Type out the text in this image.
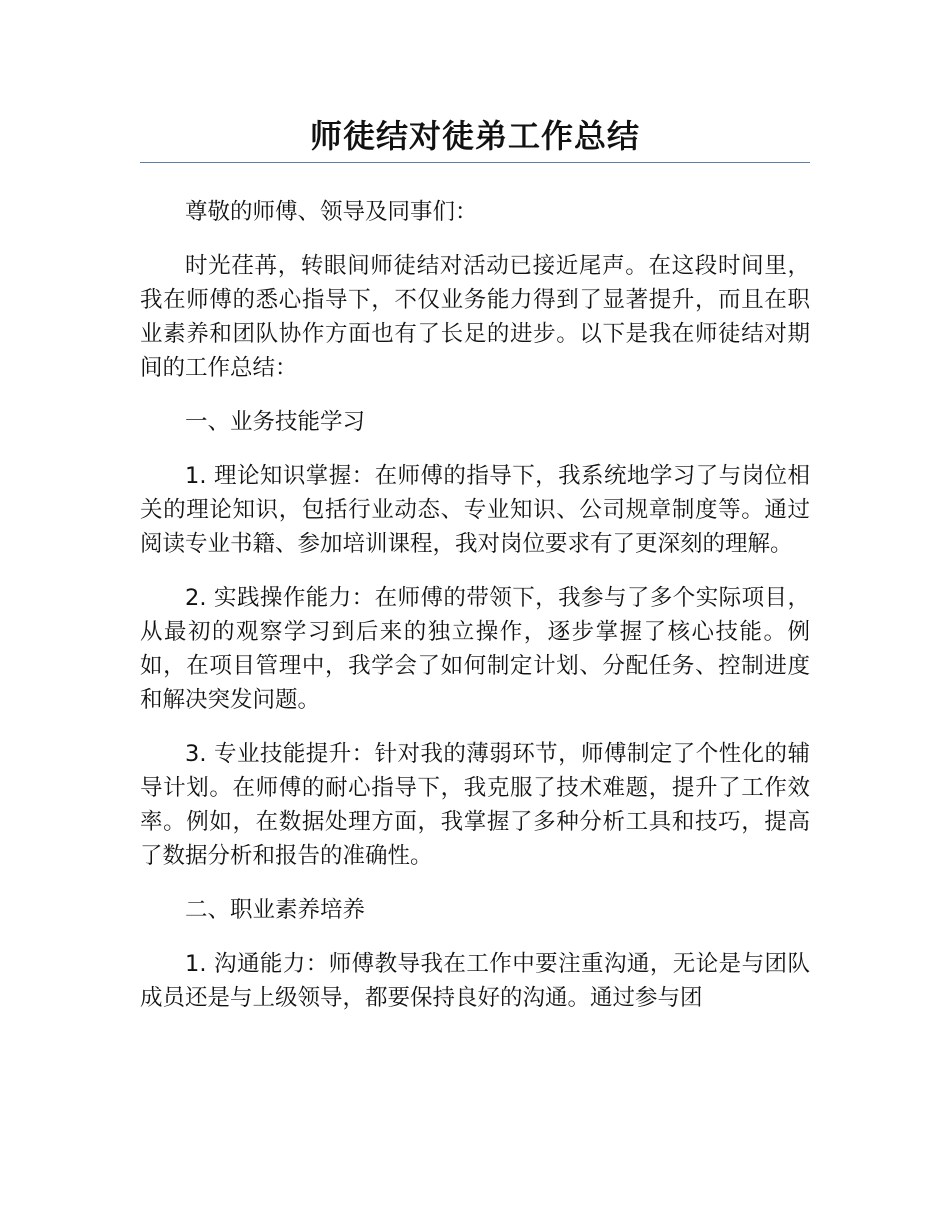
师徒结对徒弟工作总结

尊敬的师傅、领导及同事们：

时光荏苒，转眼间师徒结对活动已接近尾声。在这段时间里，我在师傅的悉心指导下，不仅业务能力得到了显著提升，而且在职业素养和团队协作方面也有了长足的进步。以下是我在师徒结对期间的工作总结：

一、业务技能学习

1. 理论知识掌握：在师傅的指导下，我系统地学习了与岗位相关的理论知识，包括行业动态、专业知识、公司规章制度等。通过阅读专业书籍、参加培训课程，我对岗位要求有了更深刻的理解。

2. 实践操作能力：在师傅的带领下，我参与了多个实际项目，从最初的观察学习到后来的独立操作，逐步掌握了核心技能。例如，在项目管理中，我学会了如何制定计划、分配任务、控制进度和解决突发问题。

3. 专业技能提升：针对我的薄弱环节，师傅制定了个性化的辅导计划。在师傅的耐心指导下，我克服了技术难题，提升了工作效率。例如，在数据处理方面，我掌握了多种分析工具和技巧，提高了数据分析和报告的准确性。

二、职业素养培养

1. 沟通能力：师傅教导我在工作中要注重沟通，无论是与团队成员还是与上级领导，都要保持良好的沟通。通过参与团
